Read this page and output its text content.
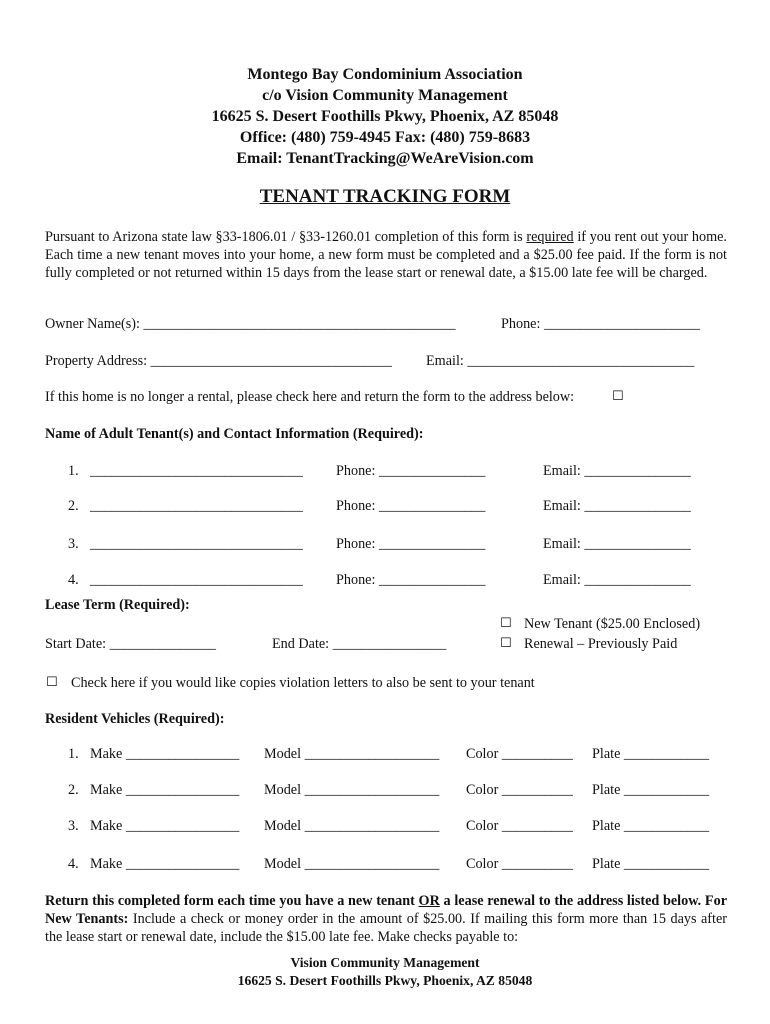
Montego Bay Condominium Association
c/o Vision Community Management
16625 S. Desert Foothills Pkwy, Phoenix, AZ 85048
Office: (480) 759-4945 Fax: (480) 759-8683
Email: TenantTracking@WeAreVision.com
TENANT TRACKING FORM
Pursuant to Arizona state law §33-1806.01 / §33-1260.01 completion of this form is required if you rent out your home. Each time a new tenant moves into your home, a new form must be completed and a $25.00 fee paid. If the form is not fully completed or not returned within 15 days from the lease start or renewal date, a $15.00 late fee will be charged.
Owner Name(s): ____________________________________________	Phone: ______________________
Property Address: __________________________________ Email: ________________________________
If this home is no longer a rental, please check here and return the form to the address below:	☐
Name of Adult Tenant(s) and Contact Information (Required):
1. ______________________________ Phone: _______________	Email: _______________
2. ______________________________ Phone: _______________	Email: _______________
3. ______________________________ Phone: _______________	Email: _______________
4. ______________________________ Phone: _______________	Email: _______________
Lease Term (Required):
☐ New Tenant ($25.00 Enclosed)
Start Date: _______________	End Date: ________________	☐ Renewal – Previously Paid
☐ Check here if you would like copies violation letters to also be sent to your tenant
Resident Vehicles (Required):
1. Make ________________ Model ___________________ Color __________ Plate ____________
2. Make ________________ Model ___________________ Color __________ Plate ____________
3. Make ________________ Model ___________________ Color __________ Plate ____________
4. Make ________________ Model ___________________ Color __________ Plate ____________
Return this completed form each time you have a new tenant OR a lease renewal to the address listed below. For New Tenants: Include a check or money order in the amount of $25.00. If mailing this form more than 15 days after the lease start or renewal date, include the $15.00 late fee. Make checks payable to:
Vision Community Management
16625 S. Desert Foothills Pkwy, Phoenix, AZ 85048
